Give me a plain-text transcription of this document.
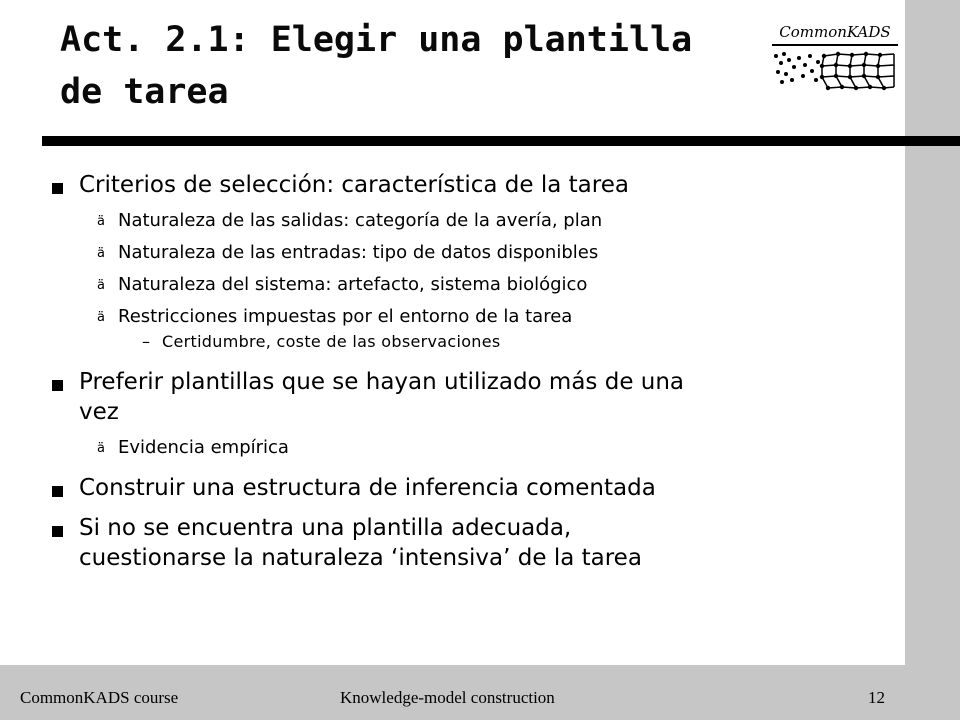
Act. 2.1: Elegir una plantilla
de tarea
CommonKADS
Criterios de selección: característica de la tarea
ä Naturaleza de las salidas: categoría de la avería, plan
ä Naturaleza de las entradas: tipo de datos disponibles
ä Naturaleza del sistema: artefacto, sistema biológico
ä Restricciones impuestas por el entorno de la tarea
– Certidumbre, coste de las observaciones
Preferir plantillas que se hayan utilizado más de una
vez
ä Evidencia empírica
Construir una estructura de inferencia comentada
Si no se encuentra una plantilla adecuada,
cuestionarse la naturaleza ‘intensiva’ de la tarea
CommonKADS course	Knowledge-model construction	12
